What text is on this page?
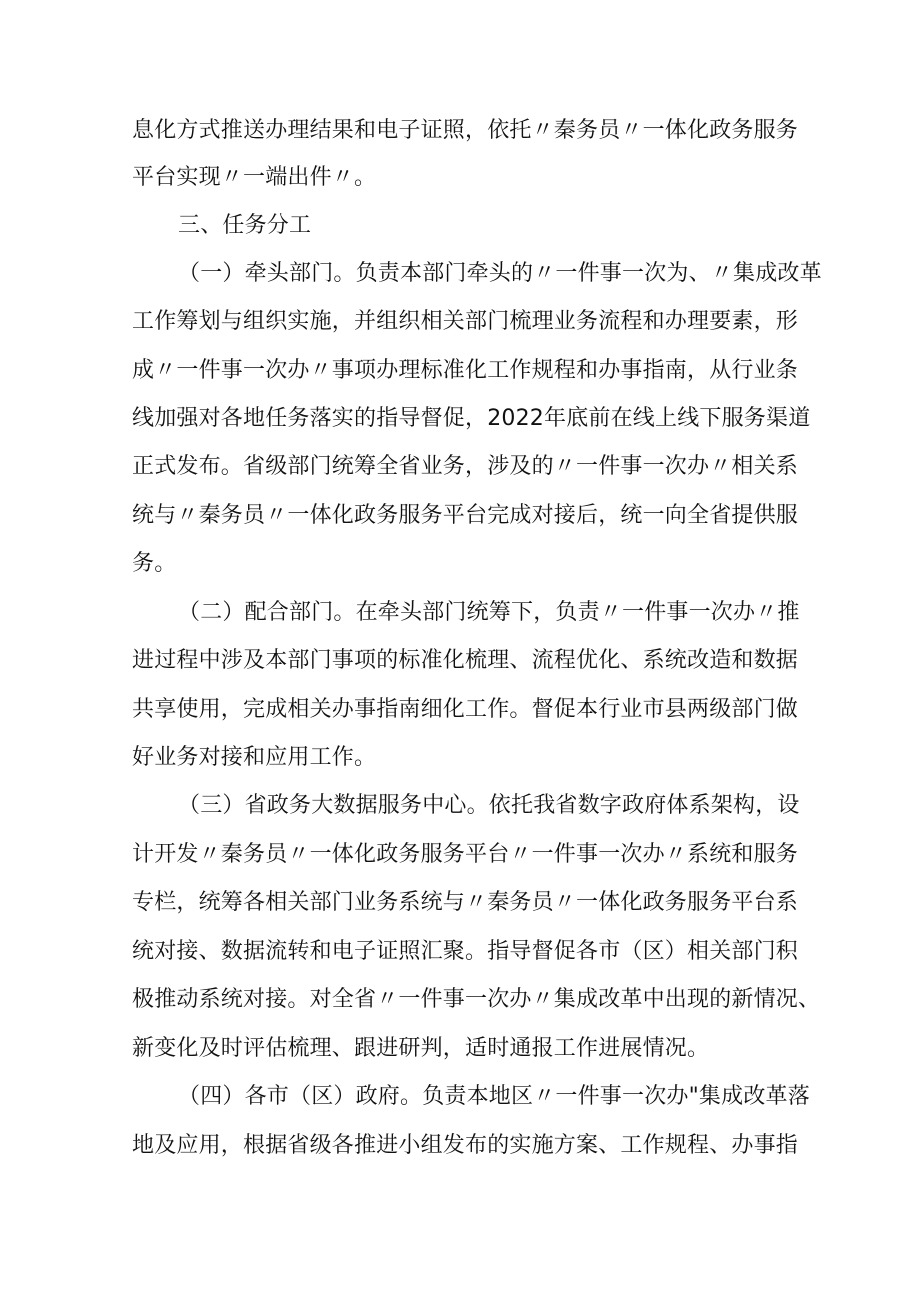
息化方式推送办理结果和电子证照，依托〃秦务员〃一体化政务服务
平台实现〃一端出件〃。
三、任务分工
（一）牵头部门。负责本部门牵头的〃一件事一次为、〃集成改革
工作筹划与组织实施，并组织相关部门梳理业务流程和办理要素，形
成〃一件事一次办〃事项办理标准化工作规程和办事指南，从行业条
线加强对各地任务落实的指导督促，2022年底前在线上线下服务渠道
正式发布。省级部门统筹全省业务，涉及的〃一件事一次办〃相关系
统与〃秦务员〃一体化政务服务平台完成对接后，统一向全省提供服
务。
（二）配合部门。在牵头部门统筹下，负责〃一件事一次办〃推
进过程中涉及本部门事项的标准化梳理、流程优化、系统改造和数据
共享使用，完成相关办事指南细化工作。督促本行业市县两级部门做
好业务对接和应用工作。
（三）省政务大数据服务中心。依托我省数字政府体系架构，设
计开发〃秦务员〃一体化政务服务平台〃一件事一次办〃系统和服务
专栏，统筹各相关部门业务系统与〃秦务员〃一体化政务服务平台系
统对接、数据流转和电子证照汇聚。指导督促各市（区）相关部门积
极推动系统对接。对全省〃一件事一次办〃集成改革中出现的新情况、
新变化及时评估梳理、跟进研判，适时通报工作进展情况。
（四）各市（区）政府。负责本地区〃一件事一次办"集成改革落
地及应用，根据省级各推进小组发布的实施方案、工作规程、办事指
